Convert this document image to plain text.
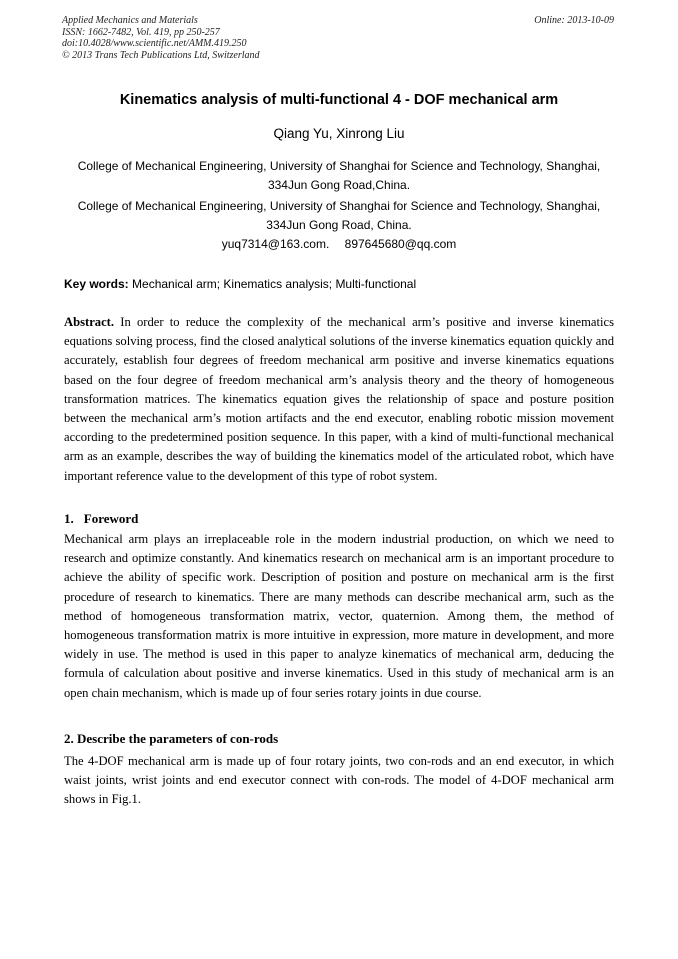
Applied Mechanics and Materials
ISSN: 1662-7482, Vol. 419, pp 250-257
doi:10.4028/www.scientific.net/AMM.419.250
© 2013 Trans Tech Publications Ltd, Switzerland
Online: 2013-10-09
Kinematics analysis of multi-functional 4 - DOF mechanical arm
Qiang Yu, Xinrong Liu
College of Mechanical Engineering, University of Shanghai for Science and Technology, Shanghai, 334Jun Gong Road,China.
College of Mechanical Engineering, University of Shanghai for Science and Technology, Shanghai, 334Jun Gong Road, China.
yuq7314@163.com. 897645680@qq.com
Key words: Mechanical arm; Kinematics analysis; Multi-functional

Abstract. In order to reduce the complexity of the mechanical arm’s positive and inverse kinematics equations solving process, find the closed analytical solutions of the inverse kinematics equation quickly and accurately, establish four degrees of freedom mechanical arm positive and inverse kinematics equations based on the four degree of freedom mechanical arm’s analysis theory and the theory of homogeneous transformation matrices. The kinematics equation gives the relationship of space and posture position between the mechanical arm’s motion artifacts and the end executor, enabling robotic mission movement according to the predetermined position sequence. In this paper, with a kind of multi-functional mechanical arm as an example, describes the way of building the kinematics model of the articulated robot, which have important reference value to the development of this type of robot system.

1. Foreword

Mechanical arm plays an irreplaceable role in the modern industrial production, on which we need to research and optimize constantly. And kinematics research on mechanical arm is an important procedure to achieve the ability of specific work. Description of position and posture on mechanical arm is the first procedure of research to kinematics. There are many methods can describe mechanical arm, such as the method of homogeneous transformation matrix, vector, quaternion. Among them, the method of homogeneous transformation matrix is more intuitive in expression, more mature in development, and more widely in use. The method is used in this paper to analyze kinematics of mechanical arm, deducing the formula of calculation about positive and inverse kinematics. Used in this study of mechanical arm is an open chain mechanism, which is made up of four series rotary joints in due course.

2. Describe the parameters of con-rods

The 4-DOF mechanical arm is made up of four rotary joints, two con-rods and an end executor, in which waist joints, wrist joints and end executor connect with con-rods. The model of 4-DOF mechanical arm shows in Fig.1.
